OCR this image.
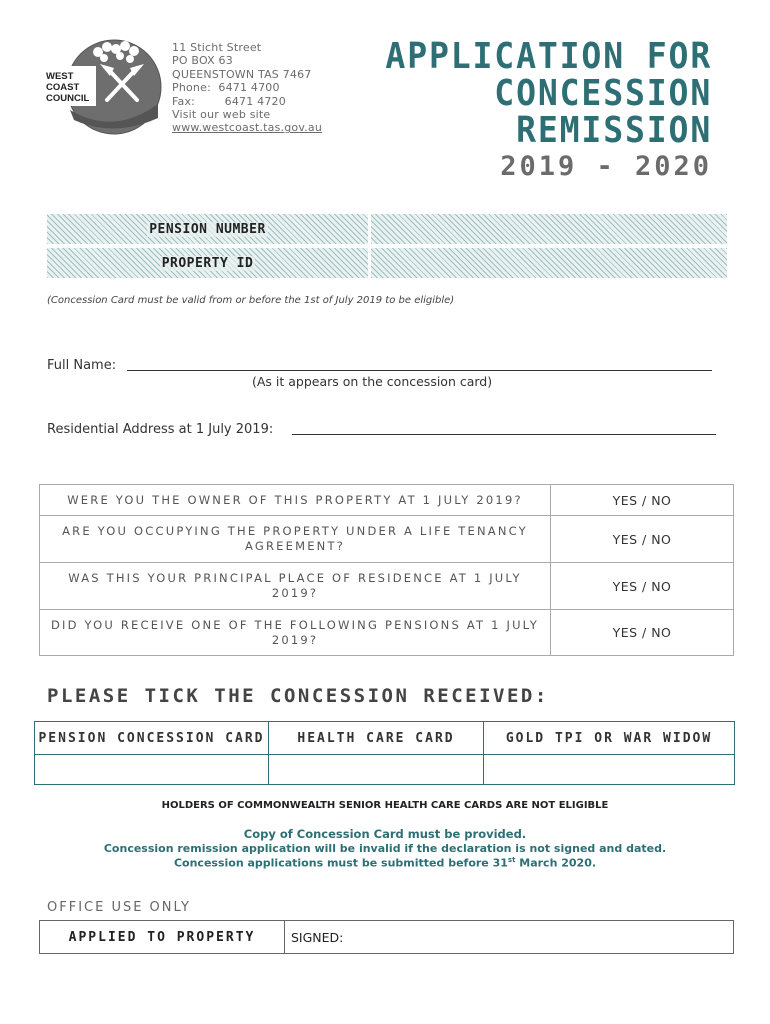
WEST
COAST
COUNCIL
11 Sticht Street
PO BOX 63
QUEENSTOWN TAS 7467
Phone: 6471 4700
Fax:	6471 4720
Visit our web site
www.westcoast.tas.gov.au
APPLICATION FOR
CONCESSION
REMISSION
2019 - 2020
PENSION NUMBER
PROPERTY ID
(Concession Card must be valid from or before the 1st of July 2019 to be eligible)
Full Name:
(As it appears on the concession card)
Residential Address at 1 July 2019:
WERE YOU THE OWNER OF THIS PROPERTY AT 1 JULY 2019?	YES / NO
ARE YOU OCCUPYING THE PROPERTY UNDER A LIFE TENANCY AGREEMENT?	YES / NO
WAS THIS YOUR PRINCIPAL PLACE OF RESIDENCE AT 1 JULY 2019?	YES / NO
DID YOU RECEIVE ONE OF THE FOLLOWING PENSIONS AT 1 JULY 2019?	YES / NO
PLEASE TICK THE CONCESSION RECEIVED:
PENSION CONCESSION CARD	HEALTH CARE CARD	GOLD TPI OR WAR WIDOW

HOLDERS OF COMMONWEALTH SENIOR HEALTH CARE CARDS ARE NOT ELIGIBLE
Copy of Concession Card must be provided.
Concession remission application will be invalid if the declaration is not signed and dated.
Concession applications must be submitted before 31st March 2020.
OFFICE USE ONLY
APPLIED TO PROPERTY	SIGNED:
